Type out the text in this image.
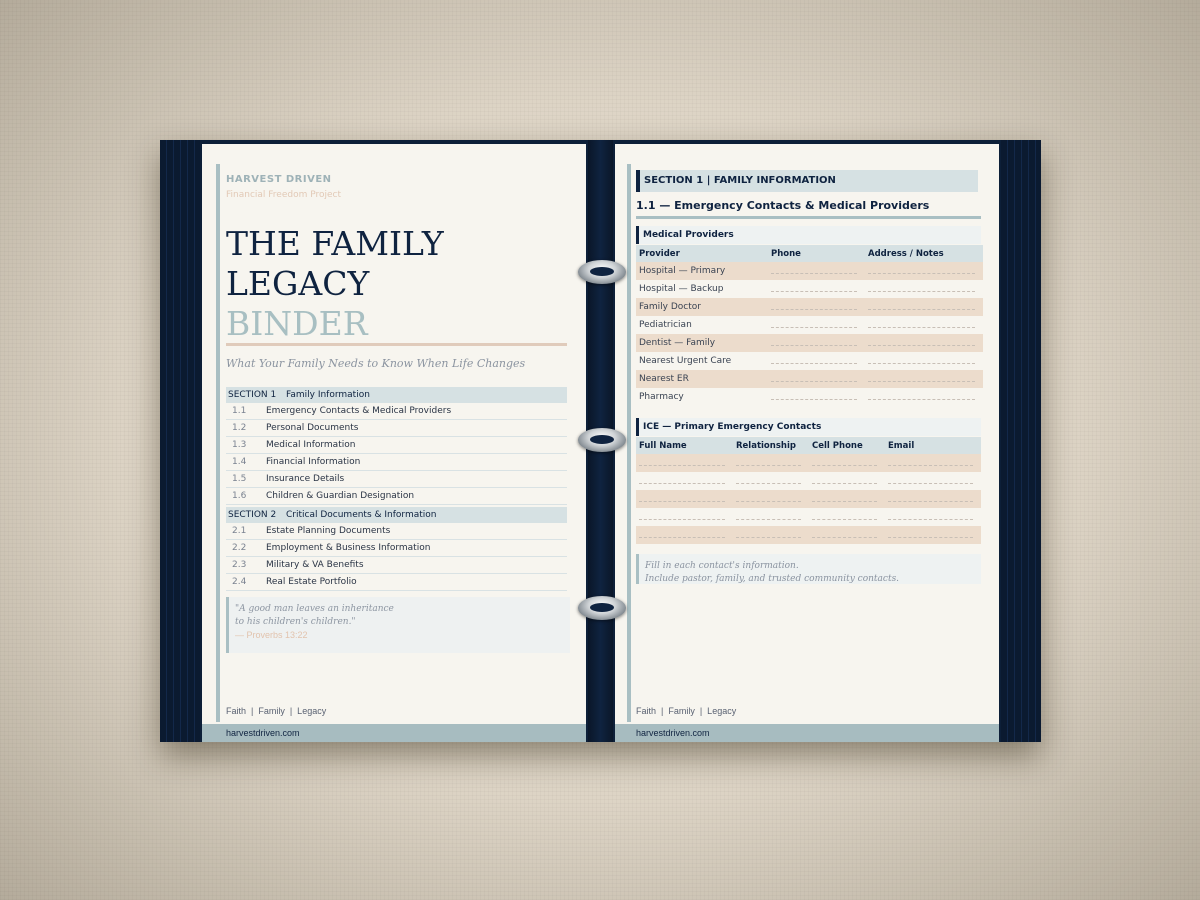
HARVEST DRIVEN
Financial Freedom Project
THE FAMILY
LEGACY
BINDER
What Your Family Needs to Know When Life Changes
SECTION 1 Family Information
1.1 Emergency Contacts & Medical Providers
1.2 Personal Documents
1.3 Medical Information
1.4 Financial Information
1.5 Insurance Details
1.6 Children & Guardian Designation
SECTION 2 Critical Documents & Information
2.1 Estate Planning Documents
2.2 Employment & Business Information
2.3 Military & VA Benefits
2.4 Real Estate Portfolio
"A good man leaves an inheritance
to his children's children."
— Proverbs 13:22
Faith  |  Family  |  Legacy
harvestdriven.com
SECTION 1 | FAMILY INFORMATION
1.1 — Emergency Contacts & Medical Providers
Medical Providers
Provider	Phone	Address / Notes
Hospital — Primary	

Hospital — Backup	

Family Doctor	

Pediatrician	

Dentist — Family	

Nearest Urgent Care	

Nearest ER	

Pharmacy	

ICE — Primary Emergency Contacts
Full Name	Relationship	Cell Phone	Email

Fill in each contact's information.
Include pastor, family, and trusted community contacts.
Faith  |  Family  |  Legacy
harvestdriven.com
